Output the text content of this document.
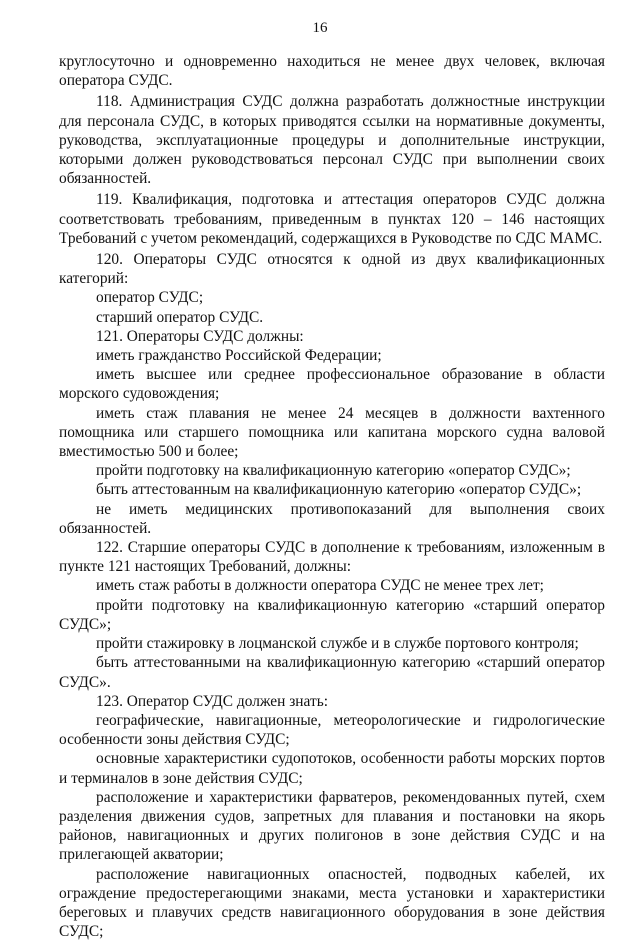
16

круглосуточно и одновременно находиться не менее двух человек, включая оператора СУДС.

118. Администрация СУДС должна разработать должностные инструкции для персонала СУДС, в которых приводятся ссылки на нормативные документы, руководства, эксплуатационные процедуры и дополнительные инструкции, которыми должен руководствоваться персонал СУДС при выполнении своих обязанностей.

119. Квалификация, подготовка и аттестация операторов СУДС должна соответствовать требованиям, приведенным в пунктах 120 – 146 настоящих Требований с учетом рекомендаций, содержащихся в Руководстве по СДС МАМС.

120. Операторы СУДС относятся к одной из двух квалификационных категорий:

оператор СУДС;

старший оператор СУДС.

121. Операторы СУДС должны:

иметь гражданство Российской Федерации;

иметь высшее или среднее профессиональное образование в области морского судовождения;

иметь стаж плавания не менее 24 месяцев в должности вахтенного помощника или старшего помощника или капитана морского судна валовой вместимостью 500 и более;

пройти подготовку на квалификационную категорию «оператор СУДС»;

быть аттестованным на квалификационную категорию «оператор СУДС»;

не иметь медицинских противопоказаний для выполнения своих обязанностей.

122. Старшие операторы СУДС в дополнение к требованиям, изложенным в пункте 121 настоящих Требований, должны:

иметь стаж работы в должности оператора СУДС не менее трех лет;

пройти подготовку на квалификационную категорию «старший оператор СУДС»;

пройти стажировку в лоцманской службе и в службе портового контроля;

быть аттестованными на квалификационную категорию «старший оператор СУДС».

123. Оператор СУДС должен знать:

географические, навигационные, метеорологические и гидрологические особенности зоны действия СУДС;

основные характеристики судопотоков, особенности работы морских портов и терминалов в зоне действия СУДС;

расположение и характеристики фарватеров, рекомендованных путей, схем разделения движения судов, запретных для плавания и постановки на якорь районов, навигационных и других полигонов в зоне действия СУДС и на прилегающей акватории;

расположение навигационных опасностей, подводных кабелей, их ограждение предостерегающими знаками, места установки и характеристики береговых и плавучих средств навигационного оборудования в зоне действия СУДС;
